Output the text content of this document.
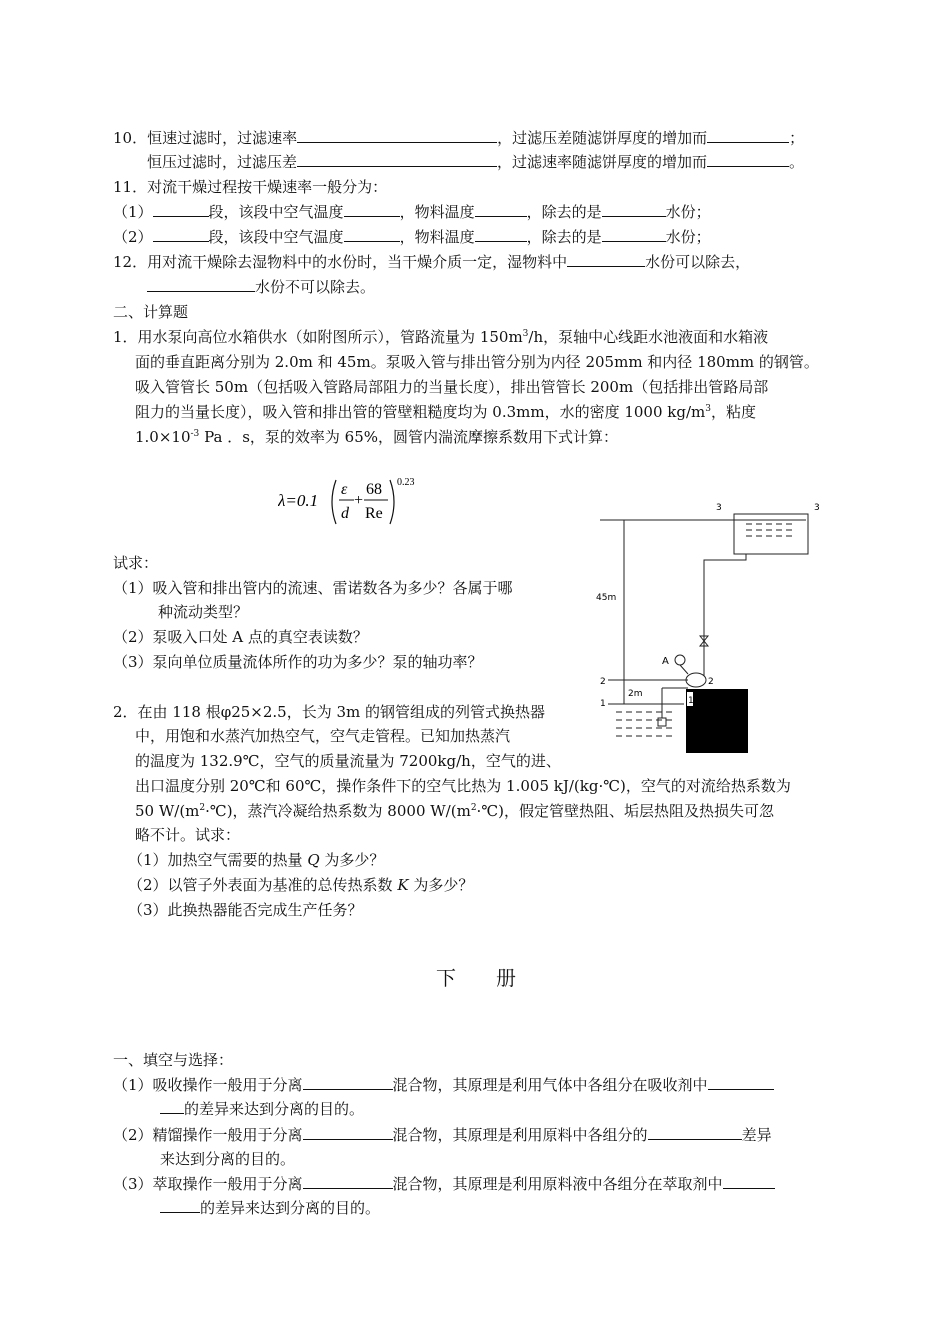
10．恒速过滤时，过滤速率	，过滤压差随滤饼厚度的增加而	；
恒压过滤时，过滤压差	，过滤速率随滤饼厚度的增加而	。
11．对流干燥过程按干燥速率一般分为：
（1）	段，该段中空气温度	，物料温度	，除去的是	水份；
（2）	段，该段中空气温度	，物料温度	，除去的是	水份；
12．用对流干燥除去湿物料中的水份时，当干燥介质一定，湿物料中	水份可以除去，
水份不可以除去。
二、计算题
1．用水泵向高位水箱供水（如附图所示），管路流量为 $150m^3/h$，泵轴中心线距水池液面和水箱液
面的垂直距离分别为 2.0m 和 45m。泵吸入管与排出管分别为内径 205mm 和内径 180mm 的钢管。
吸入管管长 50m（包括吸入管路局部阻力的当量长度），排出管管长 200m（包括排出管路局部
阻力的当量长度），吸入管和排出管的管壁粗糙度均为 0.3mm，水的密度 1000 $kg/m^3$，粘度
$1.0\times 10^{-3}$ Pa ．s，泵的效率为 65%，圆管内湍流摩擦系数用下式计算：
λ=0.1
ε
d
+
68
Re
0.23
试求：
（1）吸入管和排出管内的流速、雷诺数各为多少？各属于哪
种流动类型？
（2）泵吸入口处 A 点的真空表读数？
（3）泵向单位质量流体所作的功为多少？泵的轴功率？
3	3
A
2
45m
2
2m
1	1
2．在由 118 根φ25×2.5，长为 3m 的钢管组成的列管式换热器
中，用饱和水蒸汽加热空气，空气走管程。已知加热蒸汽
的温度为 132.9℃，空气的质量流量为 7200kg/h，空气的进、
出口温度分别 20℃和 60℃，操作条件下的空气比热为 1.005 kJ/(kg·℃)，空气的对流给热系数为
50 $W/(m^2\cdot℃)$，蒸汽冷凝给热系数为 8000 $W/(m^2\cdot℃)$，假定管壁热阻、垢层热阻及热损失可忽
略不计。试求：
（1）加热空气需要的热量 Q 为多少？
（2）以管子外表面为基准的总传热系数 K 为多少？
（3）此换热器能否完成生产任务？
下　　册
一、填空与选择：
（1）吸收操作一般用于分离	混合物，其原理是利用气体中各组分在吸收剂中
的差异来达到分离的目的。
（2）精馏操作一般用于分离	混合物，其原理是利用原料中各组分的	差异
来达到分离的目的。
（3）萃取操作一般用于分离	混合物，其原理是利用原料液中各组分在萃取剂中
的差异来达到分离的目的。
